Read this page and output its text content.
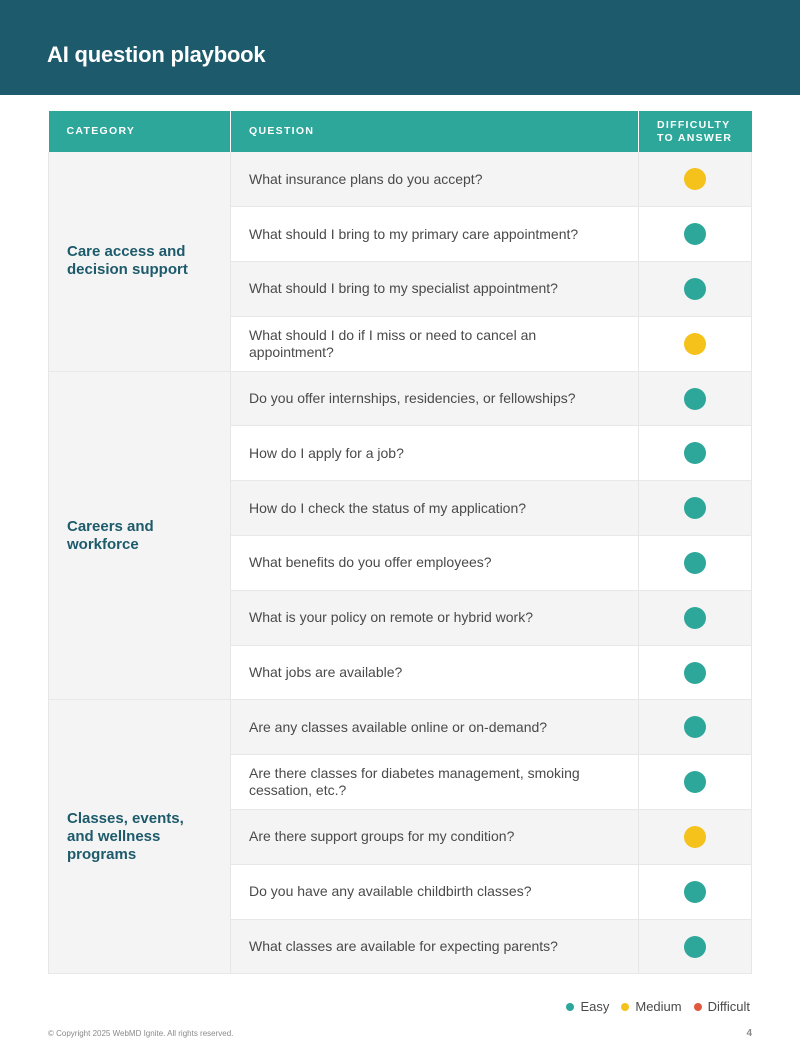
AI question playbook
CATEGORY	QUESTION	DIFFICULTY TO ANSWER
Care access and decision support	What insurance plans do you accept?	
	What should I bring to my primary care appointment?	
	What should I bring to my specialist appointment?	
	What should I do if I miss or need to cancel an appointment?	
Careers and workforce	Do you offer internships, residencies, or fellowships?	
	How do I apply for a job?	
	How do I check the status of my application?	
	What benefits do you offer employees?	
	What is your policy on remote or hybrid work?	
	What jobs are available?	
Classes, events, and wellness programs	Are any classes available online or on-demand?	
	Are there classes for diabetes management, smoking cessation, etc.?	
	Are there support groups for my condition?	
	Do you have any available childbirth classes?	
	What classes are available for expecting parents?	
Easy Medium Difficult
© Copyright 2025 WebMD Ignite. All rights reserved.	4
